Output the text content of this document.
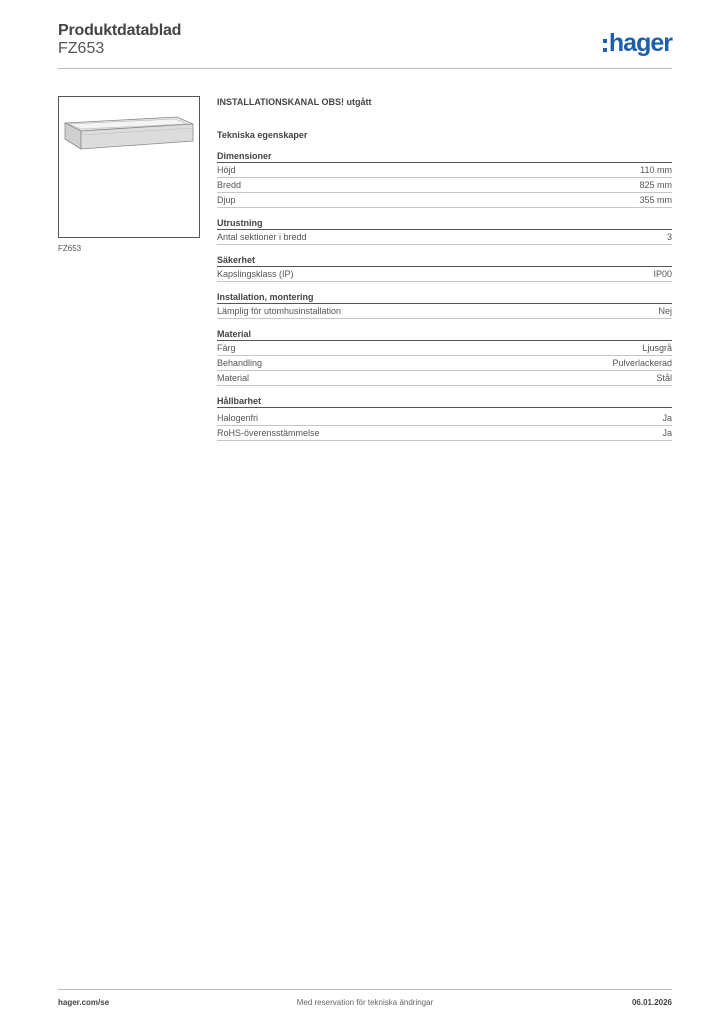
Produktdatablad
FZ653	hager
FZ653
INSTALLATIONSKANAL OBS! utgått
Tekniska egenskaper
Dimensioner
Höjd	110 mm
Bredd	825 mm
Djup	355 mm
Utrustning
Antal sektioner i bredd	3
Säkerhet
Kapslingsklass (IP)	IP00
Installation, montering
Lämplig för utomhusinstallation	Nej
Material
Färg	Ljusgrå
Behandling	Pulverlackerad
Material	Stål
Hållbarhet
Halogenfri	Ja
RoHS-överensstämmelse	Ja
hager.com/se	Med reservation för tekniska ändringar	06.01.2026
